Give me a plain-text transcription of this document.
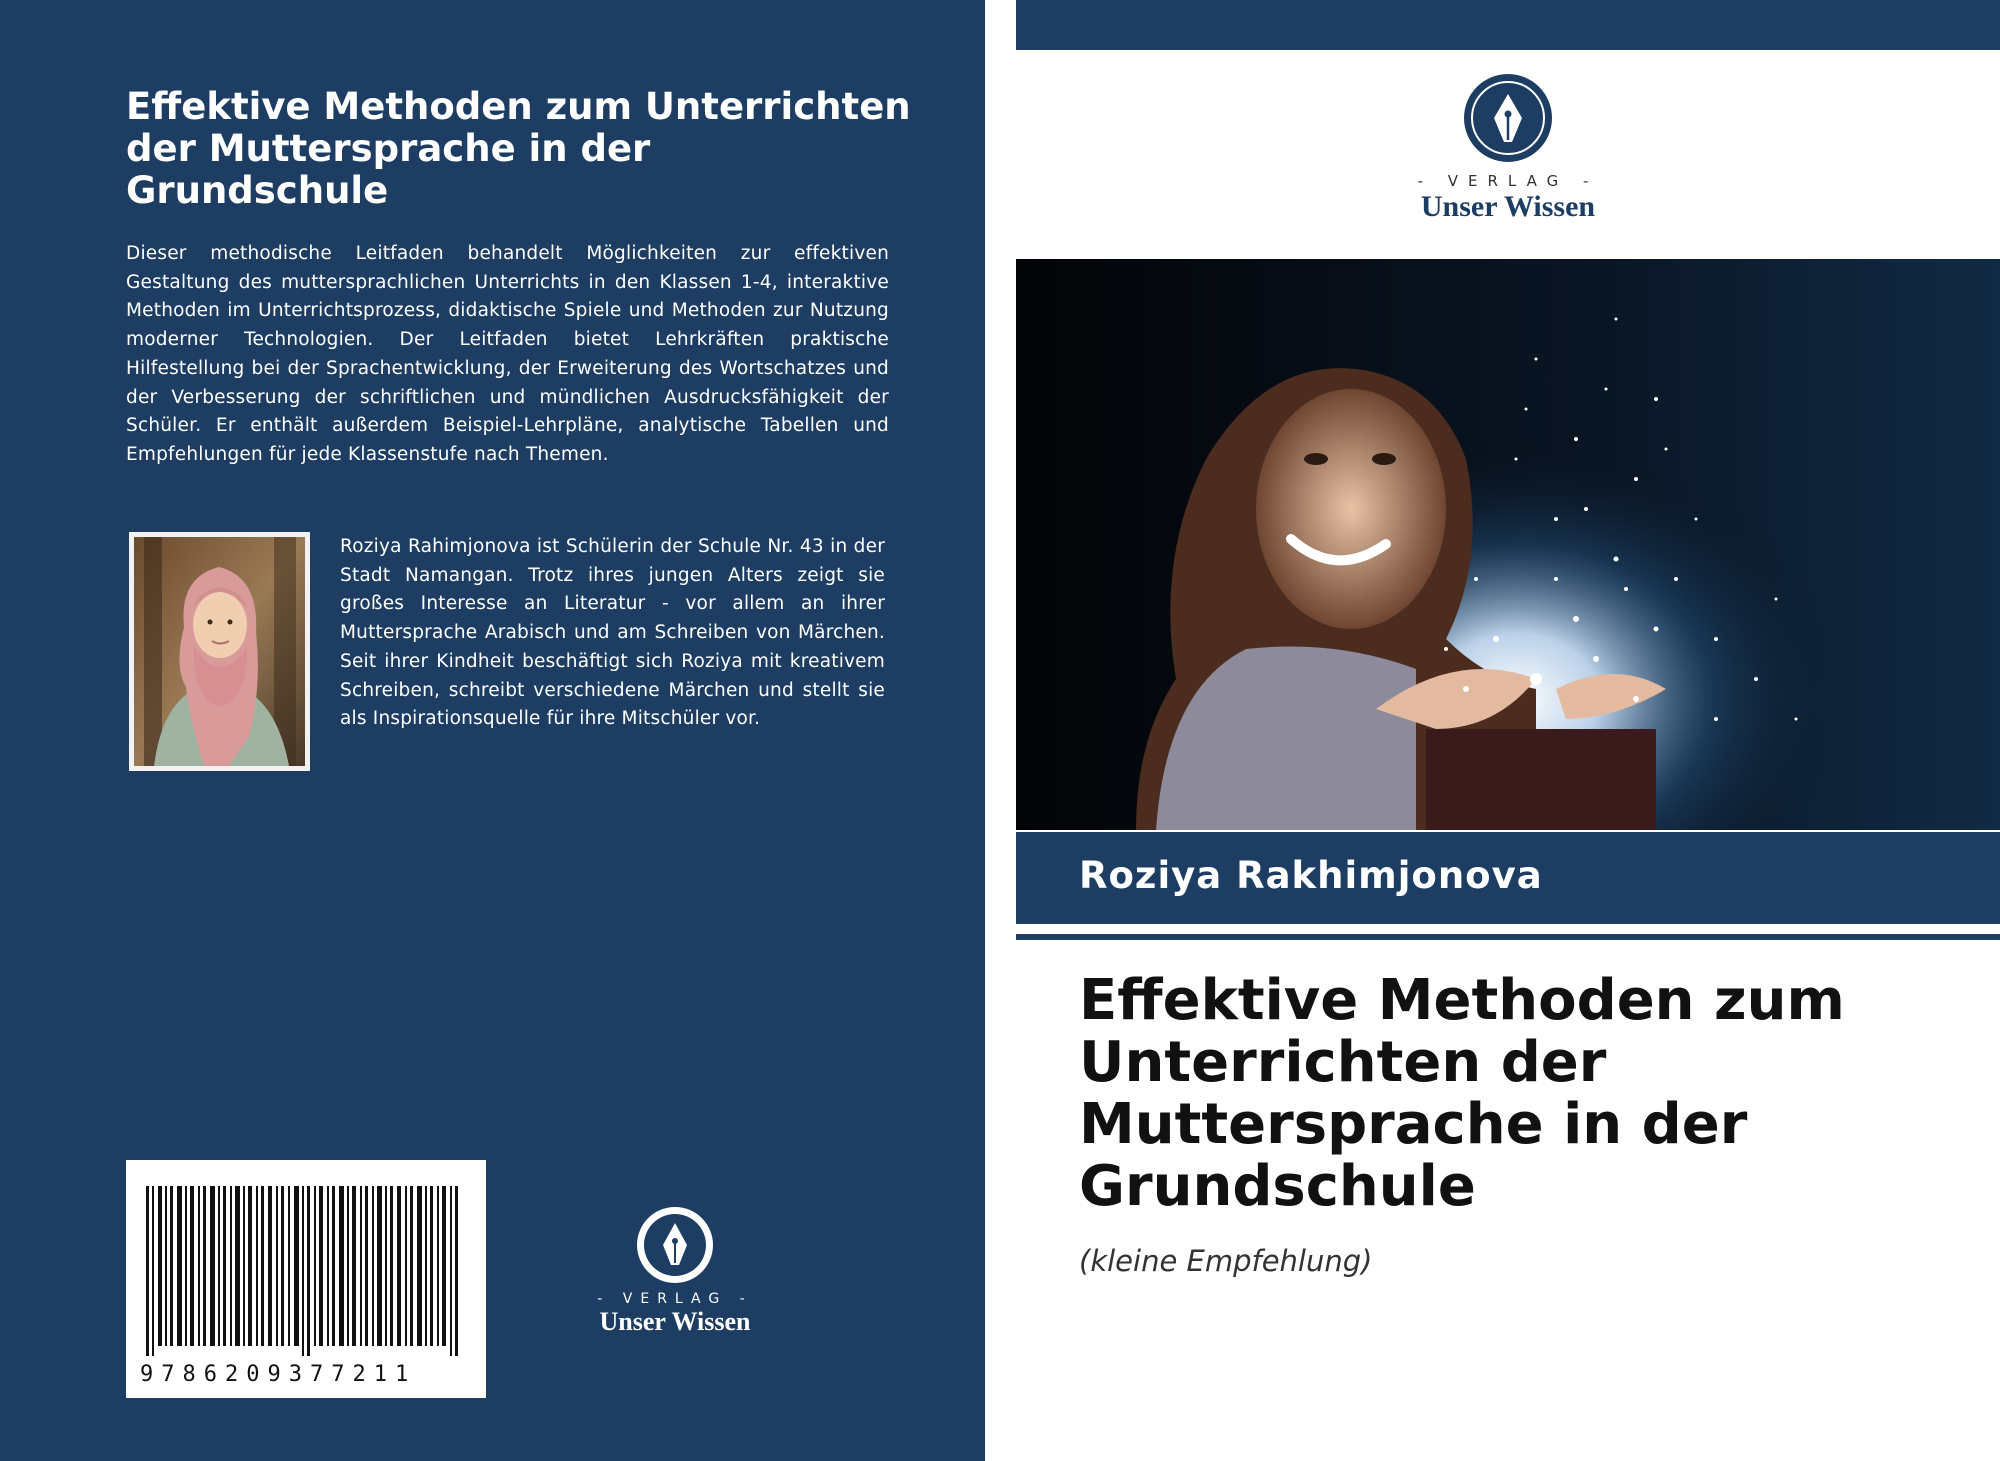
Effektive Methoden zum Unterrichten der Muttersprache in der Grundschule

Dieser methodische Leitfaden behandelt Möglichkeiten zur effektiven Gestaltung des muttersprachlichen Unterrichts in den Klassen 1-4, interaktive Methoden im Unterrichtsprozess, didaktische Spiele und Methoden zur Nutzung moderner Technologien. Der Leitfaden bietet Lehrkräften praktische Hilfestellung bei der Sprachentwicklung, der Erweiterung des Wortschatzes und der Verbesserung der schriftlichen und mündlichen Ausdrucksfähigkeit der Schüler. Er enthält außerdem Beispiel-Lehrpläne, analytische Tabellen und Empfehlungen für jede Klassenstufe nach Themen.

Roziya Rahimjonova ist Schülerin der Schule Nr. 43 in der Stadt Namangan. Trotz ihres jungen Alters zeigt sie großes Interesse an Literatur - vor allem an ihrer Muttersprache Arabisch und am Schreiben von Märchen. Seit ihrer Kindheit beschäftigt sich Roziya mit kreativem Schreiben, schreibt verschiedene Märchen und stellt sie als Inspirationsquelle für ihre Mitschüler vor.

9786209377211
- VERLAG -
Unser Wissen
- VERLAG -
Unser Wissen

Roziya Rakhimjonova

Effektive Methoden zum Unterrichten der Muttersprache in der Grundschule

(kleine Empfehlung)
